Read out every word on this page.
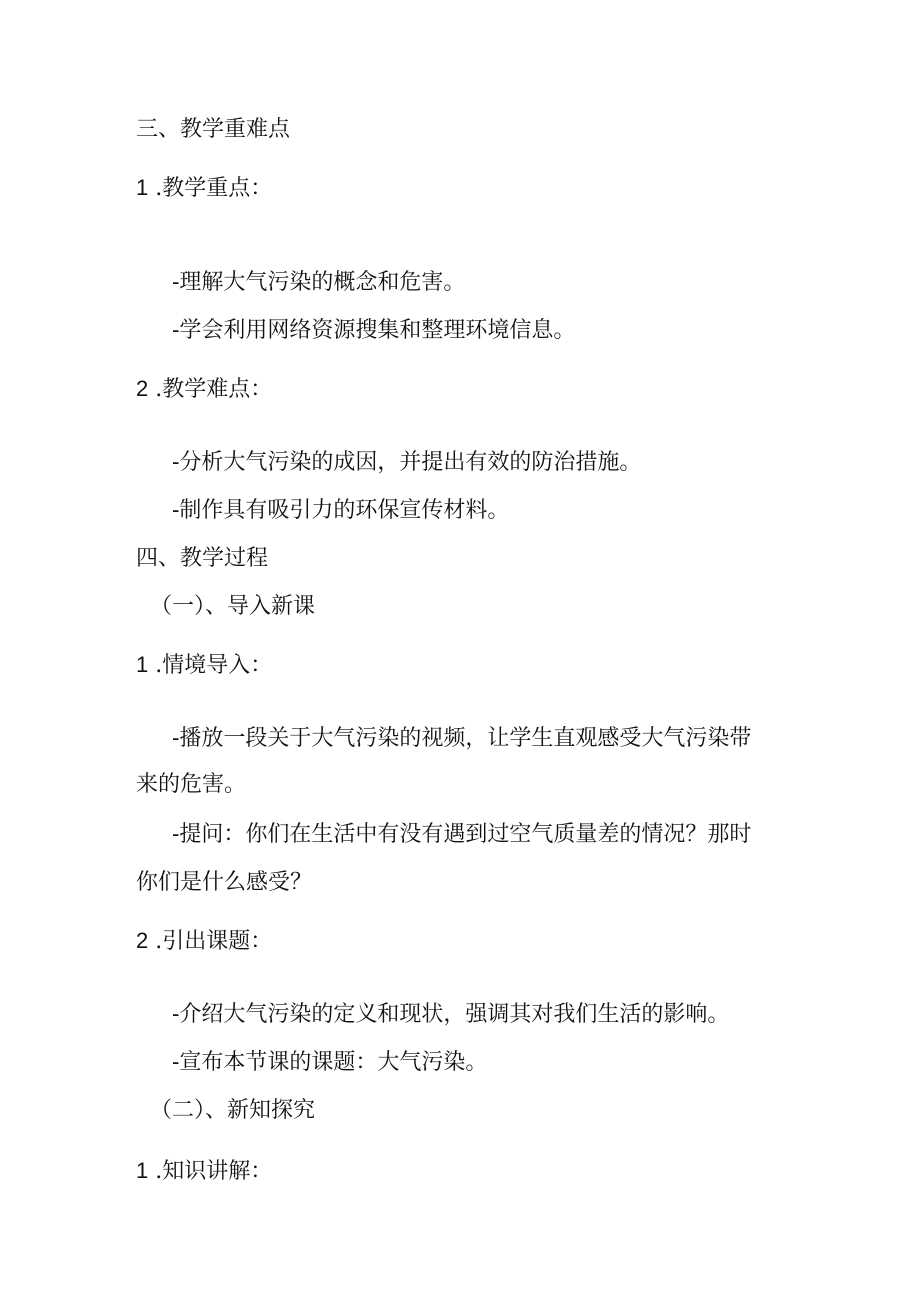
三、教学重难点
1 .教学重点：
-理解大气污染的概念和危害。
-学会利用网络资源搜集和整理环境信息。
2 .教学难点：
-分析大气污染的成因，并提出有效的防治措施。
-制作具有吸引力的环保宣传材料。
四、教学过程
（一）、导入新课
1 .情境导入：
-播放一段关于大气污染的视频，让学生直观感受大气污染带
来的危害。
-提问：你们在生活中有没有遇到过空气质量差的情况？那时
你们是什么感受？
2 .引出课题：
-介绍大气污染的定义和现状，强调其对我们生活的影响。
-宣布本节课的课题：大气污染。
（二）、新知探究
1 .知识讲解：
